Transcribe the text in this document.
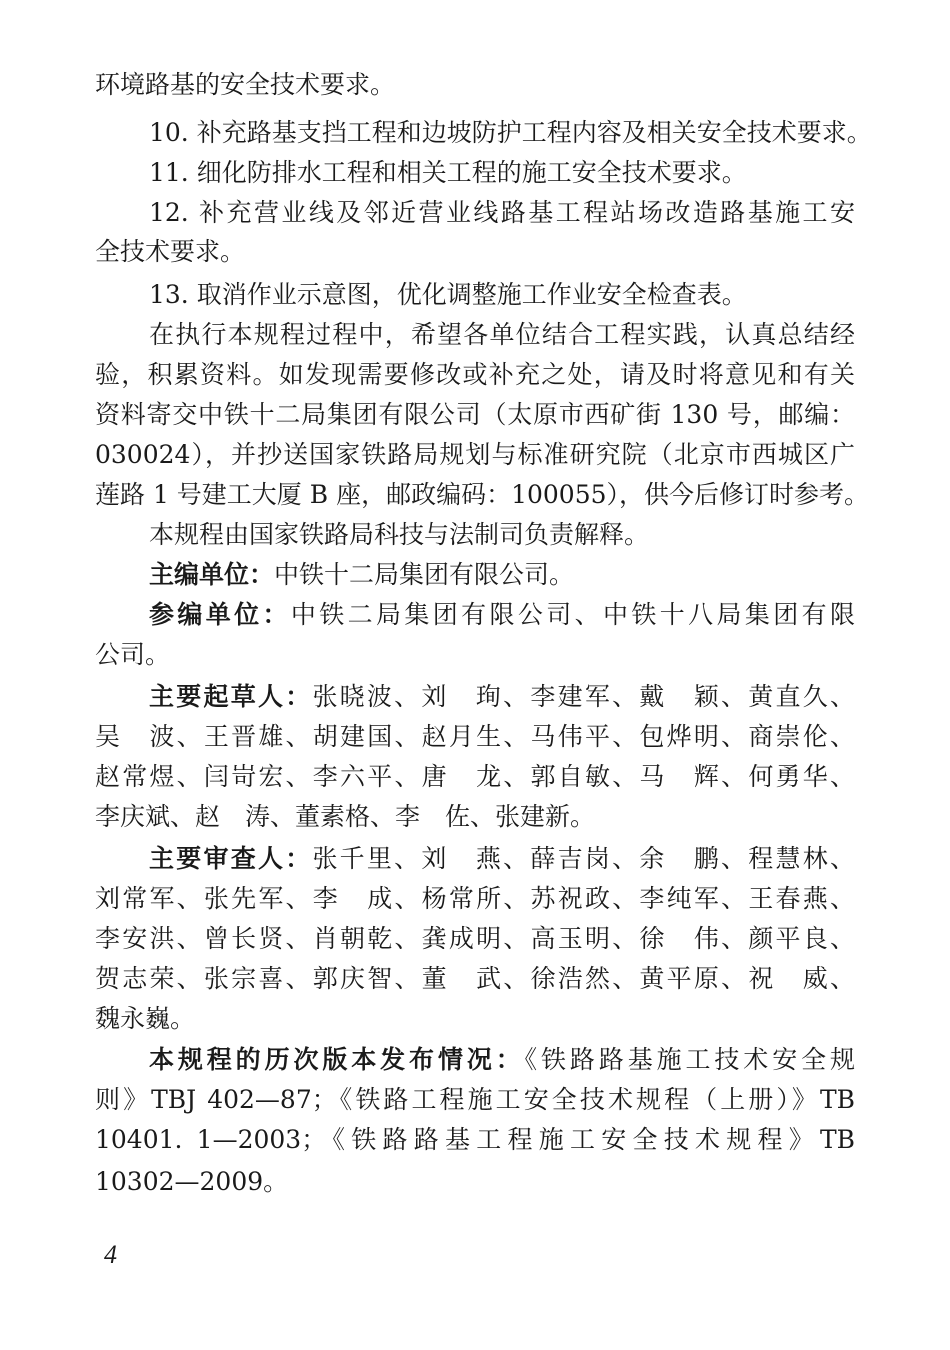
环境路基的安全技术要求。
10. 补充路基支挡工程和边坡防护工程内容及相关安全技术要求。
11. 细化防排水工程和相关工程的施工安全技术要求。
12. 补充营业线及邻近营业线路基工程站场改造路基施工安
全技术要求。
13. 取消作业示意图，优化调整施工作业安全检查表。
在执行本规程过程中，希望各单位结合工程实践，认真总结经
验，积累资料。如发现需要修改或补充之处，请及时将意见和有关
资料寄交中铁十二局集团有限公司（太原市西矿街 130 号，邮编：
030024），并抄送国家铁路局规划与标准研究院（北京市西城区广
莲路 1 号建工大厦 B 座，邮政编码：100055），供今后修订时参考。
本规程由国家铁路局科技与法制司负责解释。
主编单位：中铁十二局集团有限公司。
参编单位：中铁二局集团有限公司、中铁十八局集团有限
公司。
主要起草人：张晓波、刘　珣、李建军、戴　颖、黄直久、
吴　波、王晋雄、胡建国、赵月生、马伟平、包烨明、商崇伦、
赵常煜、闫岢宏、李六平、唐　龙、郭自敏、马　辉、何勇华、
李庆斌、赵　涛、董素格、李　佐、张建新。
主要审查人：张千里、刘　燕、薛吉岗、余　鹏、程慧林、
刘常军、张先军、李　成、杨常所、苏祝政、李纯军、王春燕、
李安洪、曾长贤、肖朝乾、龚成明、高玉明、徐　伟、颜平良、
贺志荣、张宗喜、郭庆智、董　武、徐浩然、黄平原、祝　威、
魏永巍。
本规程的历次版本发布情况：《铁路路基施工技术安全规
则》TBJ 402—87；《铁路工程施工安全技术规程（上册）》TB
10401. 1—2003；《铁路路基工程施工安全技术规程》TB
10302—2009。
4
